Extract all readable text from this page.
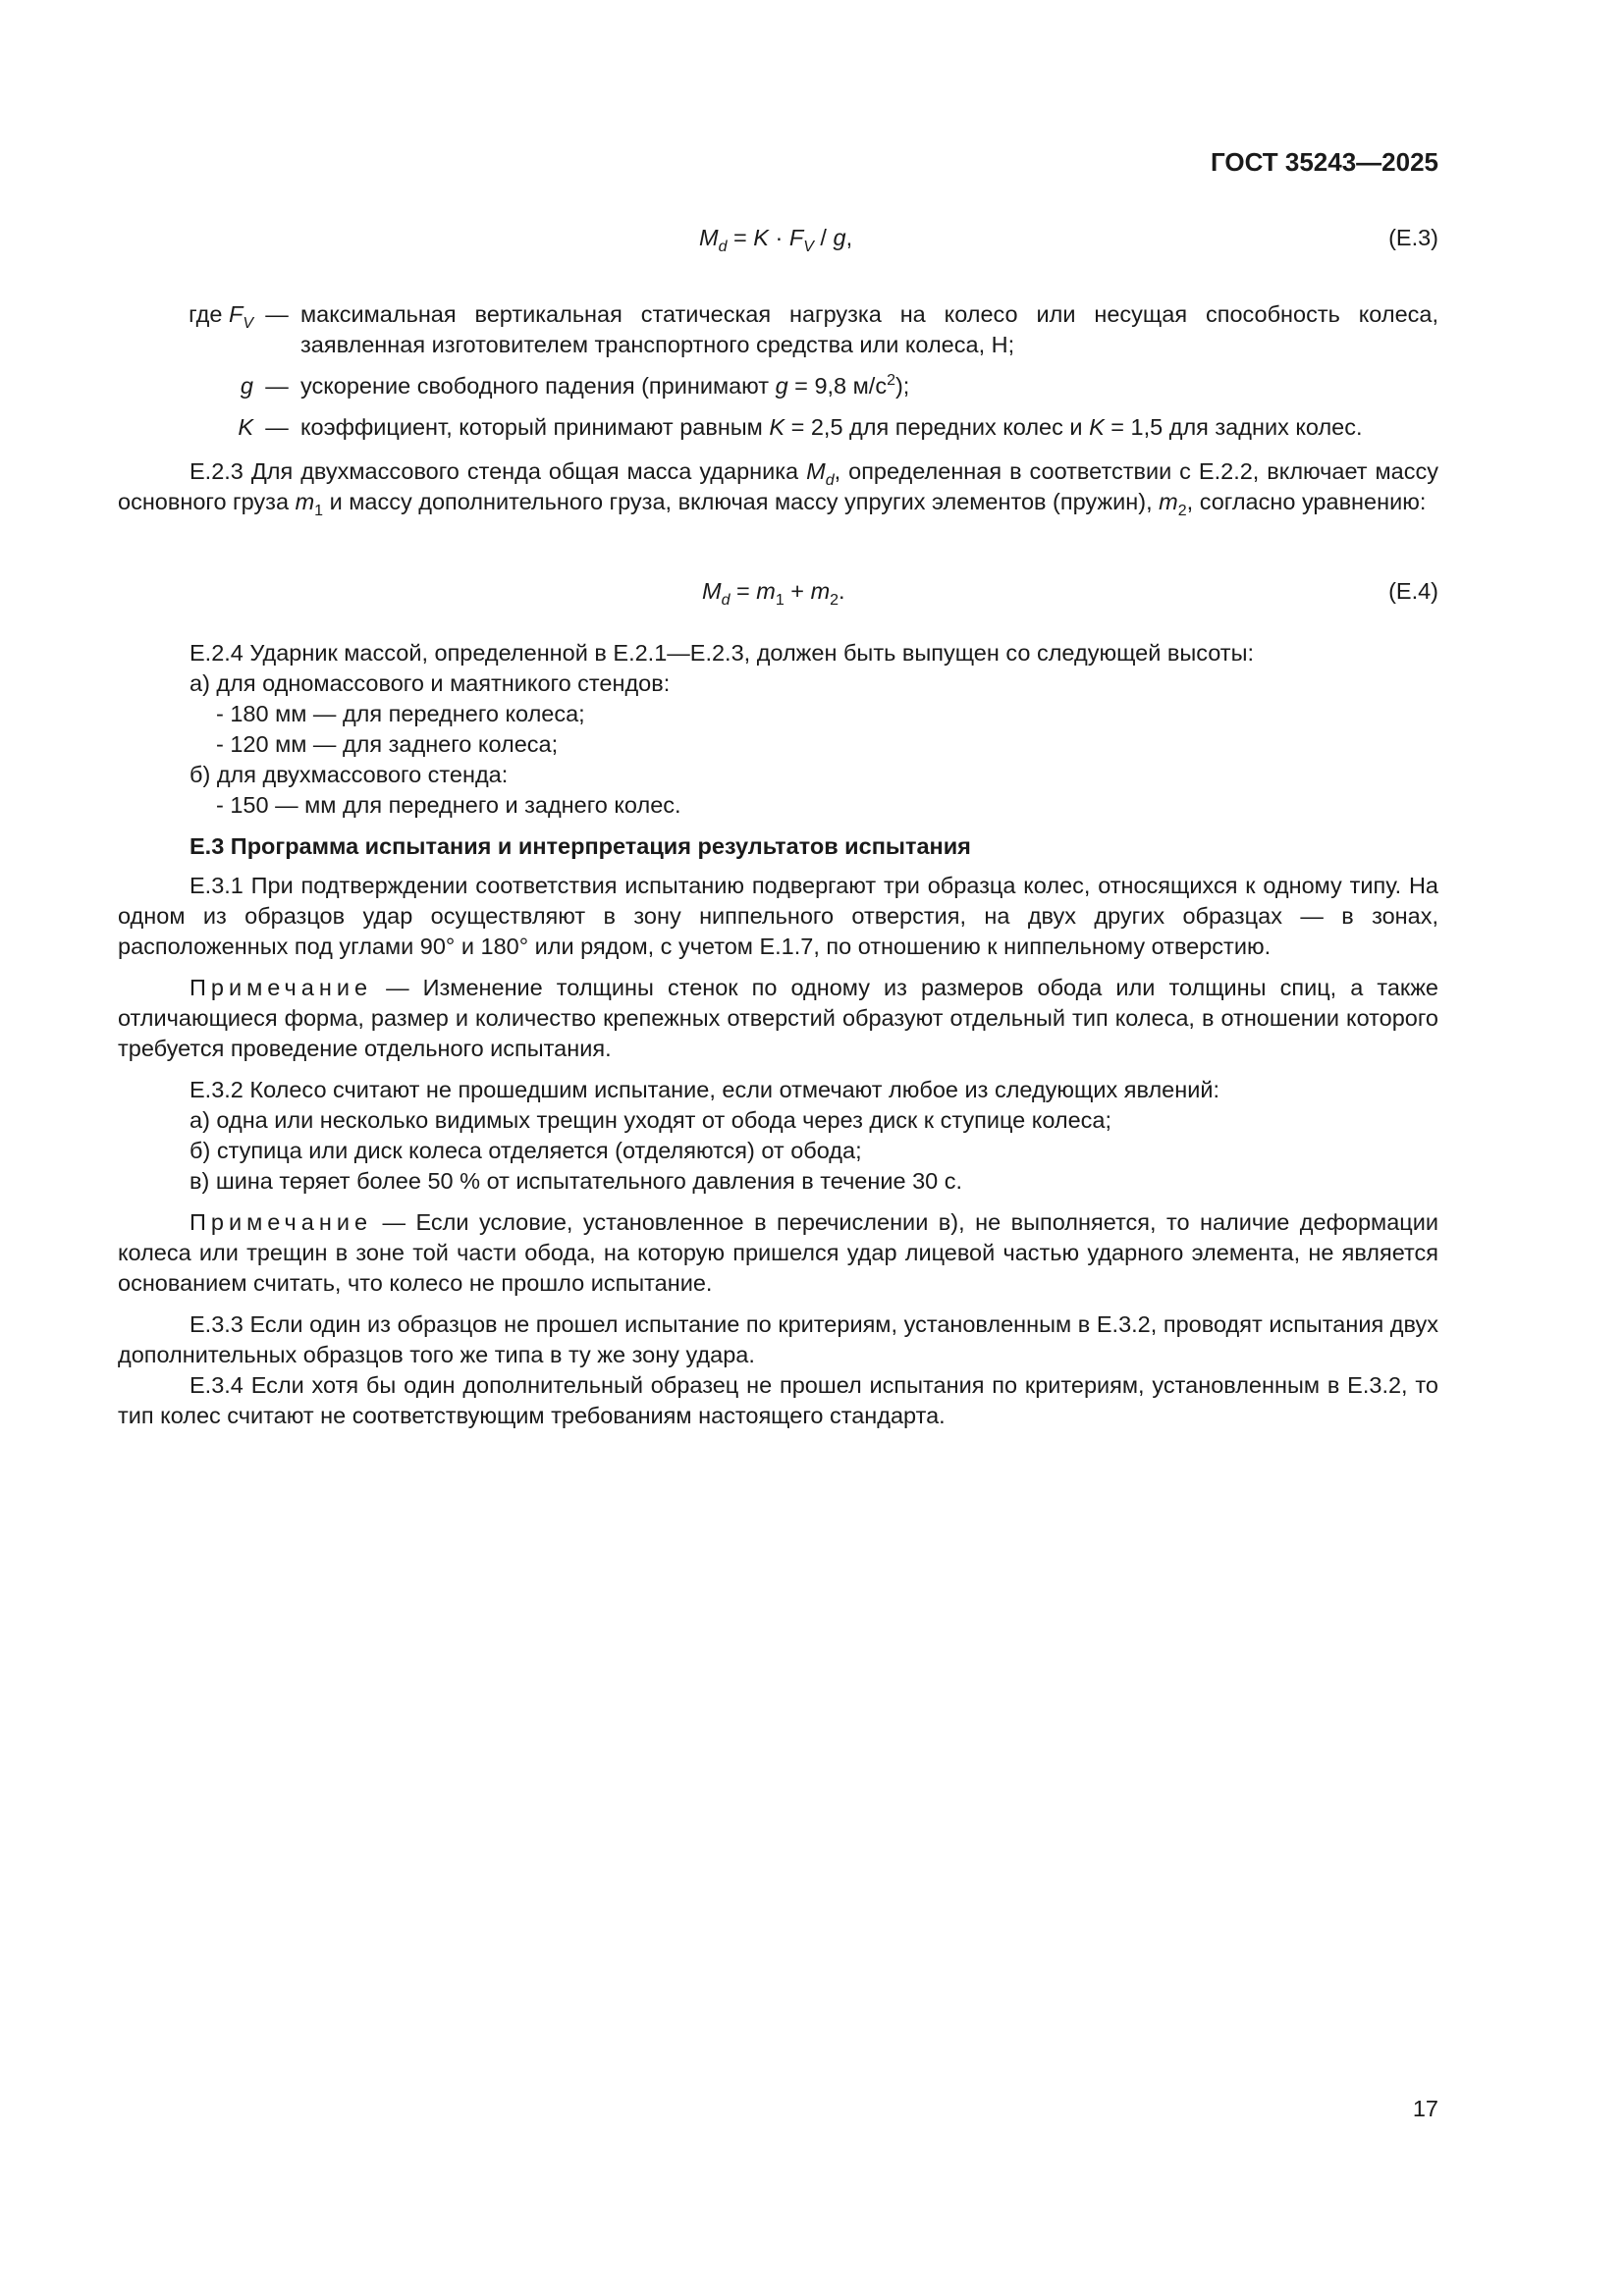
ГОСТ 35243—2025
$M_d = K \cdot F_V / g$,	(Е.3)
где $F_V$ — максимальная вертикальная статическая нагрузка на колесо или несущая способность колеса, заявленная изготовителем транспортного средства или колеса, Н;
g — ускорение свободного падения (принимают g = 9,8 $м/с^2$);
K — коэффициент, который принимают равным K = 2,5 для передних колес и K = 1,5 для задних колес.

Е.2.3 Для двухмассового стенда общая масса ударника $M_d$, определенная в соответствии с Е.2.2, включает массу основного груза $m_1$ и массу дополнительного груза, включая массу упругих элементов (пружин), $m_2$, согласно уравнению:

$M_d = m_1 + m_2$.	(Е.4)

Е.2.4 Ударник массой, определенной в Е.2.1—Е.2.3, должен быть выпущен со следующей высоты:

а) для одномассового и маятникого стендов:

- 180 мм — для переднего колеса;

- 120 мм — для заднего колеса;

б) для двухмассового стенда:

- 150 — мм для переднего и заднего колес.

Е.3 Программа испытания и интерпретация результатов испытания

Е.3.1 При подтверждении соответствия испытанию подвергают три образца колес, относящихся к одному типу. На одном из образцов удар осуществляют в зону ниппельного отверстия, на двух других образцах — в зонах, расположенных под углами 90° и 180° или рядом, с учетом Е.1.7, по отношению к ниппельному отверстию.

Примечание — Изменение толщины стенок по одному из размеров обода или толщины спиц, а также отличающиеся форма, размер и количество крепежных отверстий образуют отдельный тип колеса, в отношении которого требуется проведение отдельного испытания.

Е.3.2 Колесо считают не прошедшим испытание, если отмечают любое из следующих явлений:

а) одна или несколько видимых трещин уходят от обода через диск к ступице колеса;

б) ступица или диск колеса отделяется (отделяются) от обода;

в) шина теряет более 50 % от испытательного давления в течение 30 с.

Примечание — Если условие, установленное в перечислении в), не выполняется, то наличие деформации колеса или трещин в зоне той части обода, на которую пришелся удар лицевой частью ударного элемента, не является основанием считать, что колесо не прошло испытание.

Е.3.3 Если один из образцов не прошел испытание по критериям, установленным в Е.3.2, проводят испытания двух дополнительных образцов того же типа в ту же зону удара.

Е.3.4 Если хотя бы один дополнительный образец не прошел испытания по критериям, установленным в Е.3.2, то тип колес считают не соответствующим требованиям настоящего стандарта.

17
